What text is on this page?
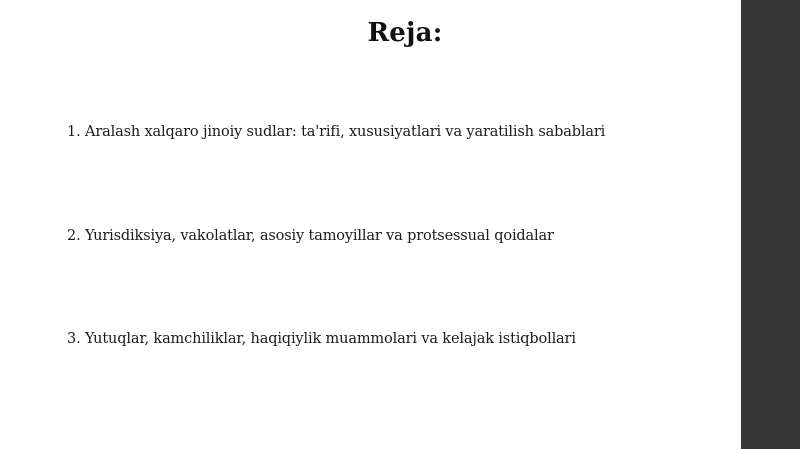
Reja:
1. Aralash xalqaro jinoiy sudlar: ta'rifi, xususiyatlari va yaratilish sabablari
2. Yurisdiksiya, vakolatlar, asosiy tamoyillar va protsessual qoidalar
3. Yutuqlar, kamchiliklar, haqiqiylik muammolari va kelajak istiqbollari
